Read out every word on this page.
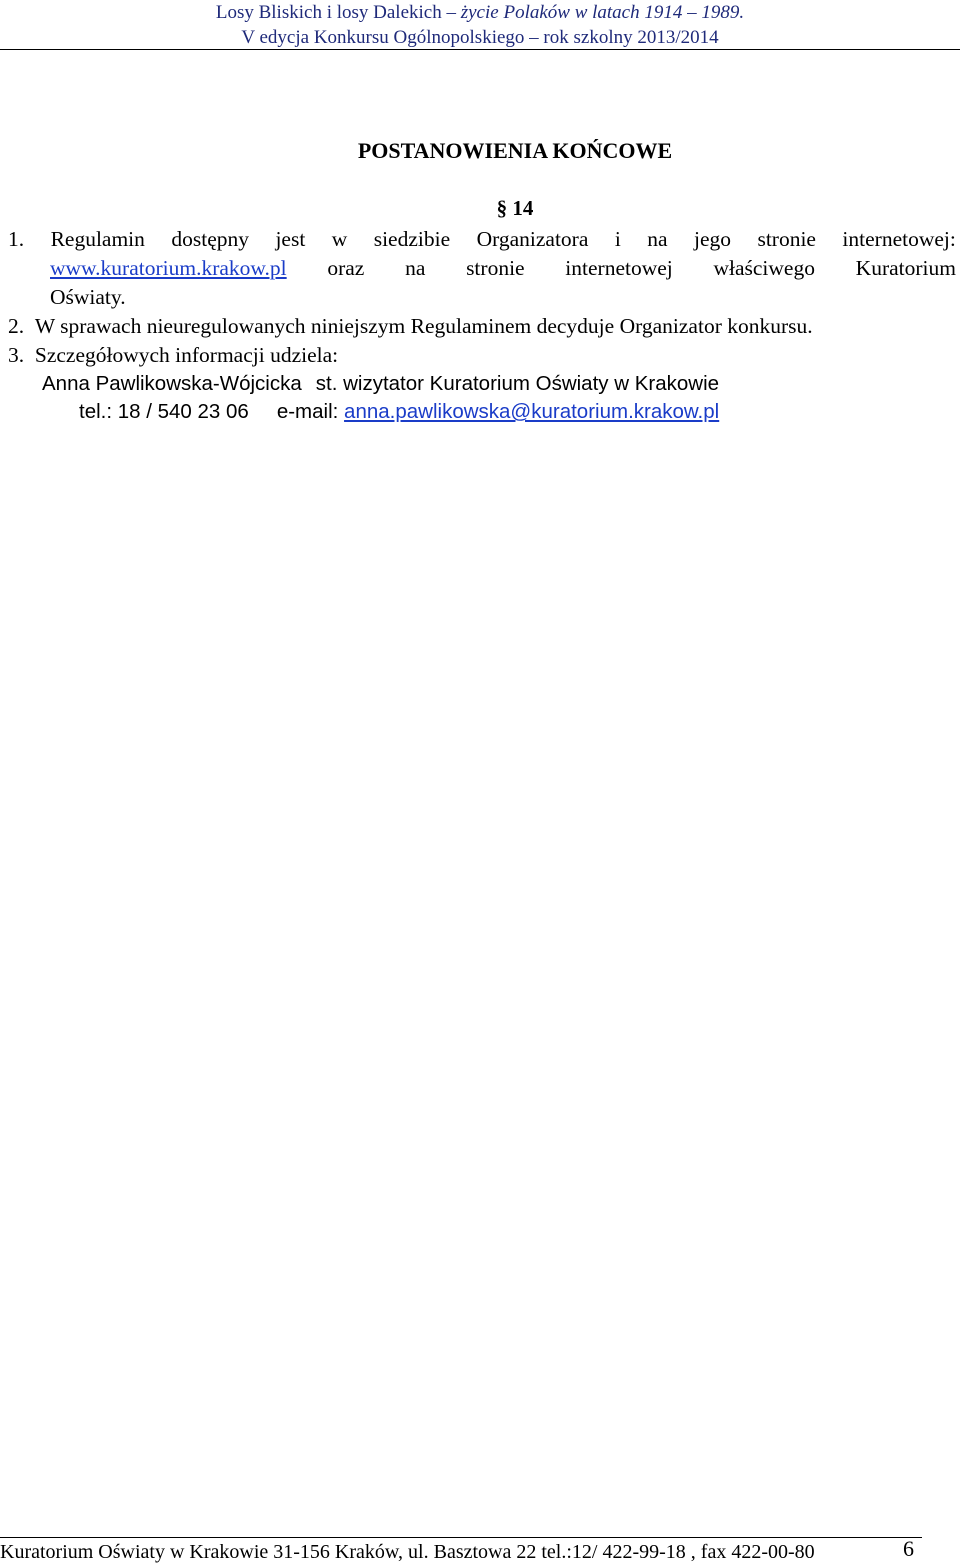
Losy Bliskich i losy Dalekich – życie Polaków w latach 1914 – 1989.
V edycja Konkursu Ogólnopolskiego – rok szkolny 2013/2014
POSTANOWIENIA KOŃCOWE
§ 14
1. Regulamin dostępny jest w siedzibie Organizatora i na jego stronie internetowej:
www.kuratorium.krakow.pl oraz na stronie internetowej właściwego Kuratorium
Oświaty.
2. W sprawach nieuregulowanych niniejszym Regulaminem decyduje Organizator konkursu.
3. Szczegółowych informacji udziela:
Anna Pawlikowska-Wójcicka st. wizytator Kuratorium Oświaty w Krakowie
tel.: 18 / 540 23 06 e-mail: anna.pawlikowska@kuratorium.krakow.pl
Kuratorium Oświaty w Krakowie 31-156 Kraków, ul. Basztowa 22 tel.:12/ 422-99-18 , fax 422-00-80	6
